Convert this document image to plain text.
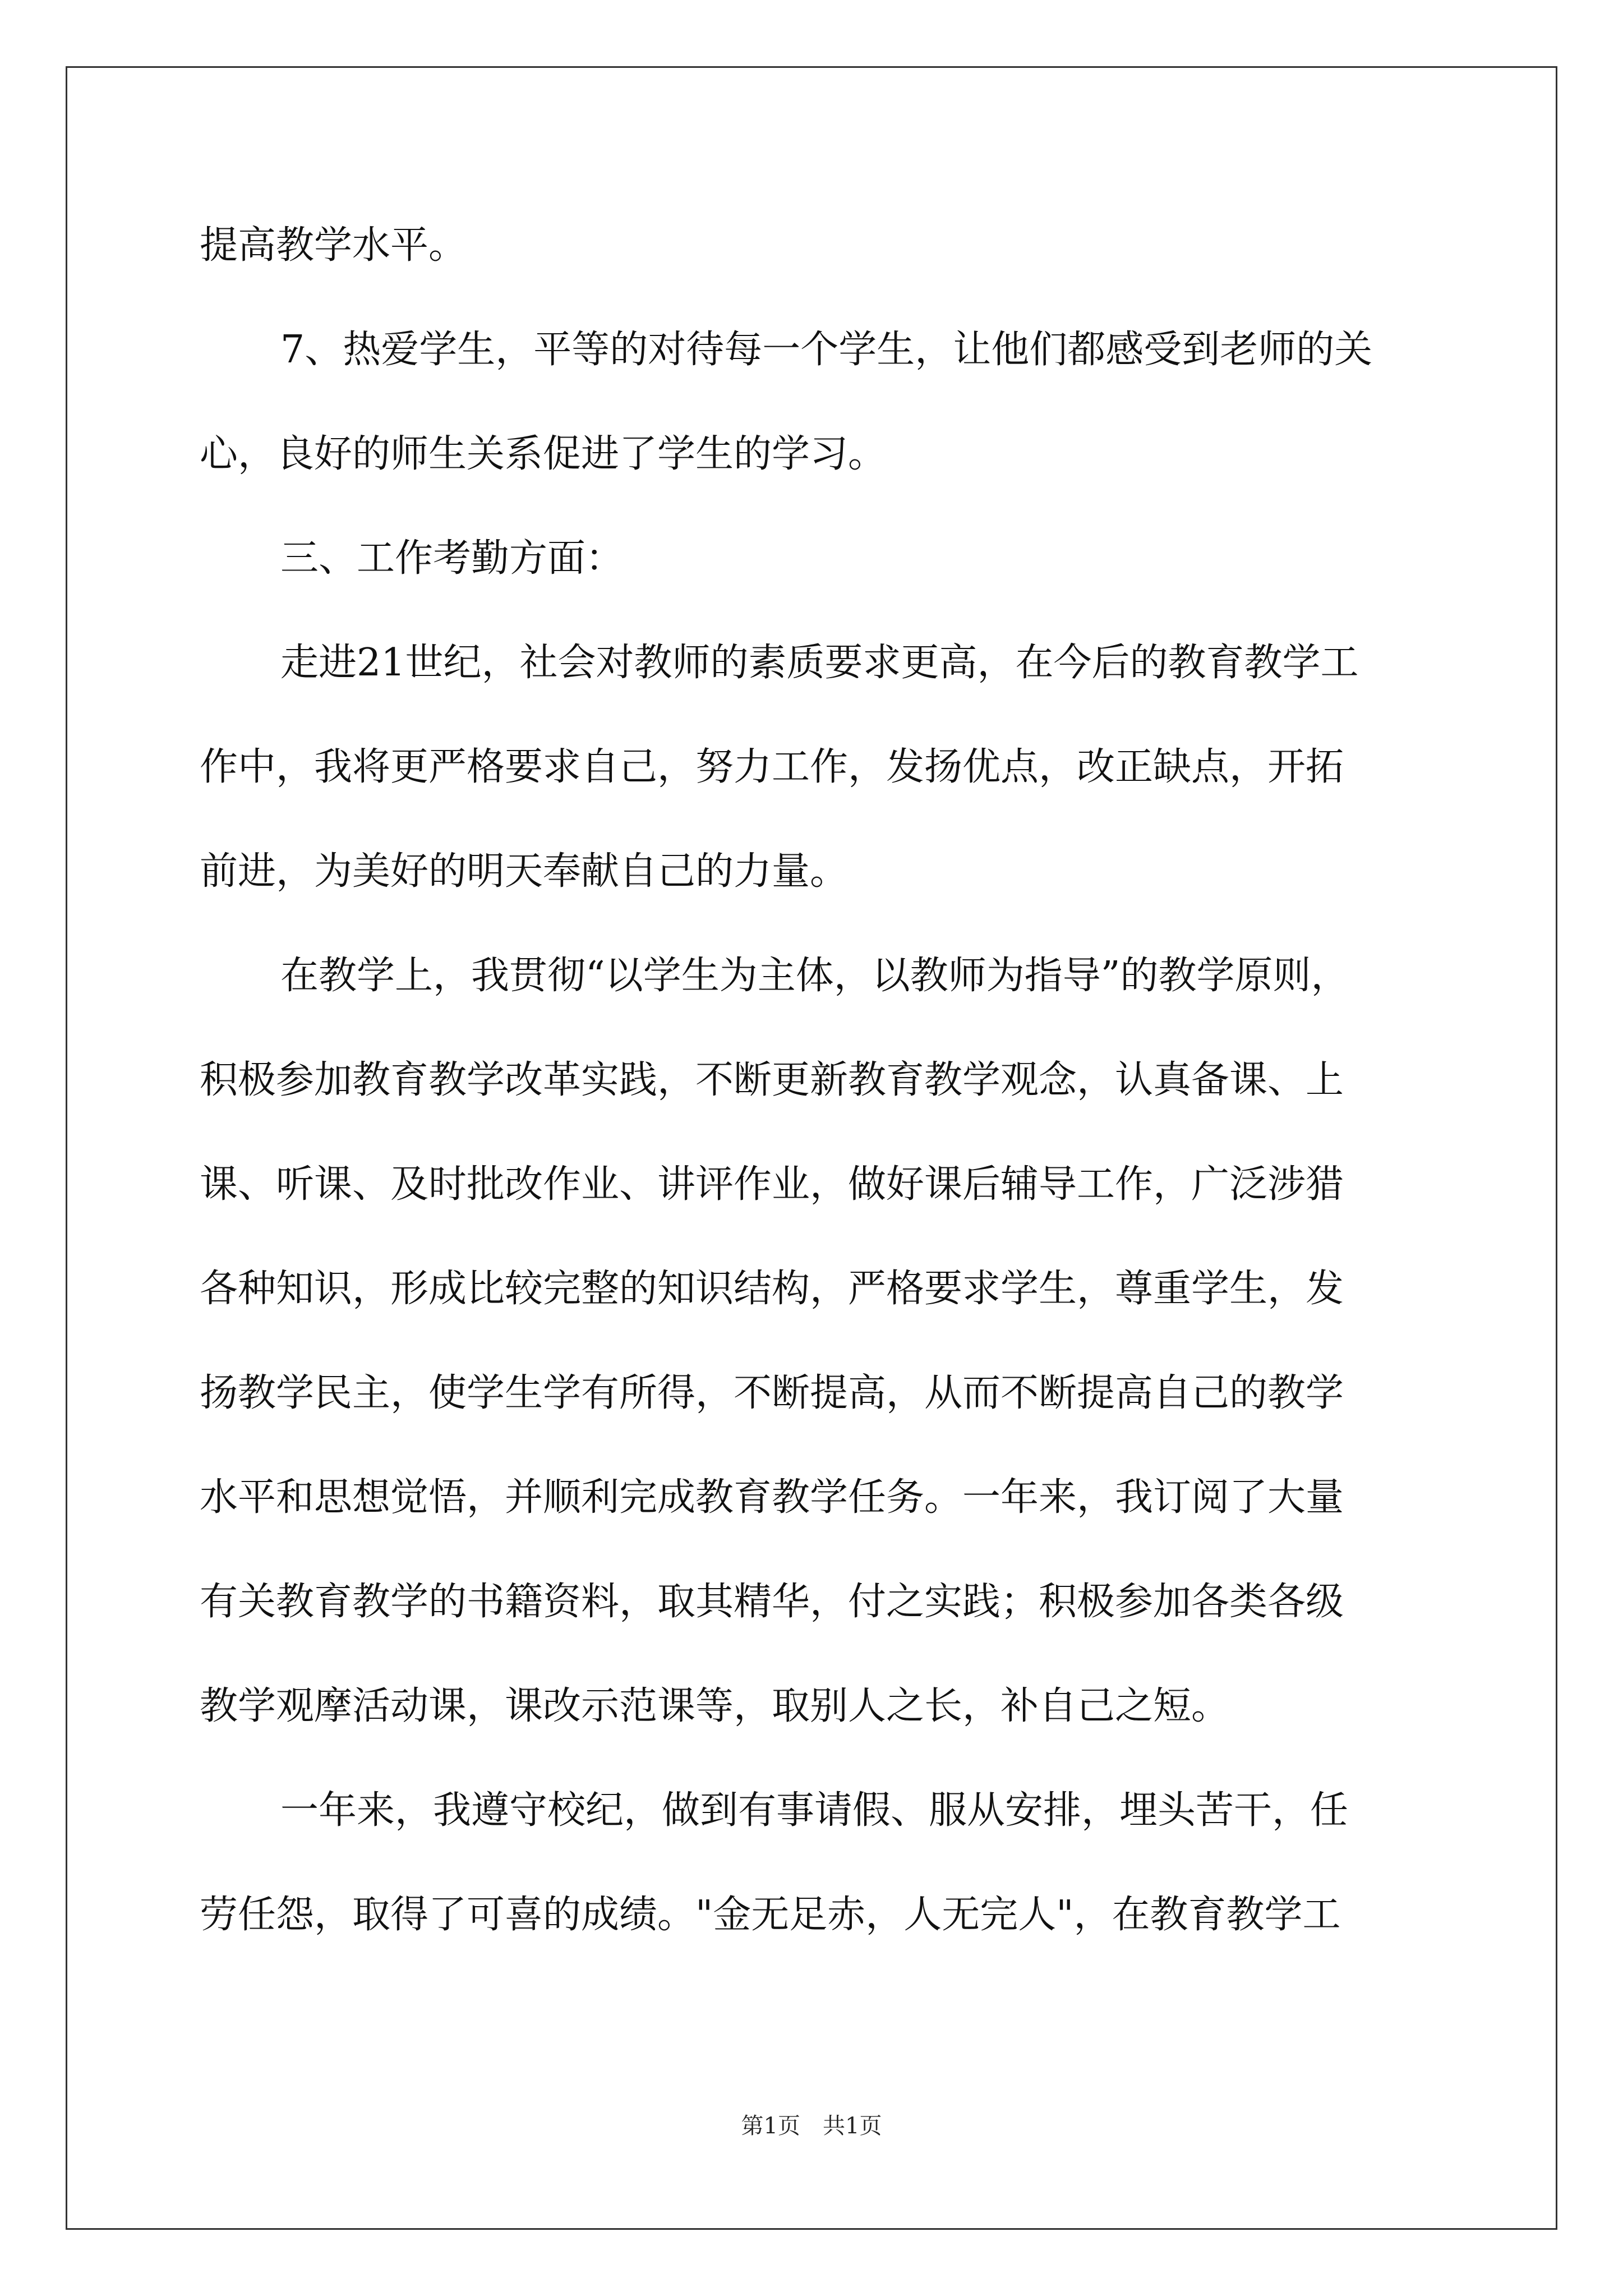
提高教学水平。
7、热爱学生，平等的对待每一个学生，让他们都感受到老师的关
心，良好的师生关系促进了学生的学习。
三、工作考勤方面：
走进21世纪，社会对教师的素质要求更高，在今后的教育教学工
作中，我将更严格要求自己，努力工作，发扬优点，改正缺点，开拓
前进，为美好的明天奉献自己的力量。
在教学上，我贯彻“以学生为主体，以教师为指导”的教学原则，
积极参加教育教学改革实践，不断更新教育教学观念，认真备课、上
课、听课、及时批改作业、讲评作业，做好课后辅导工作，广泛涉猎
各种知识，形成比较完整的知识结构，严格要求学生，尊重学生，发
扬教学民主，使学生学有所得，不断提高，从而不断提高自己的教学
水平和思想觉悟，并顺利完成教育教学任务。一年来，我订阅了大量
有关教育教学的书籍资料，取其精华，付之实践；积极参加各类各级
教学观摩活动课，课改示范课等，取别人之长，补自己之短。
一年来，我遵守校纪，做到有事请假、服从安排，埋头苦干，任
劳任怨，取得了可喜的成绩。"金无足赤，人无完人"，在教育教学工
第1页 共1页
